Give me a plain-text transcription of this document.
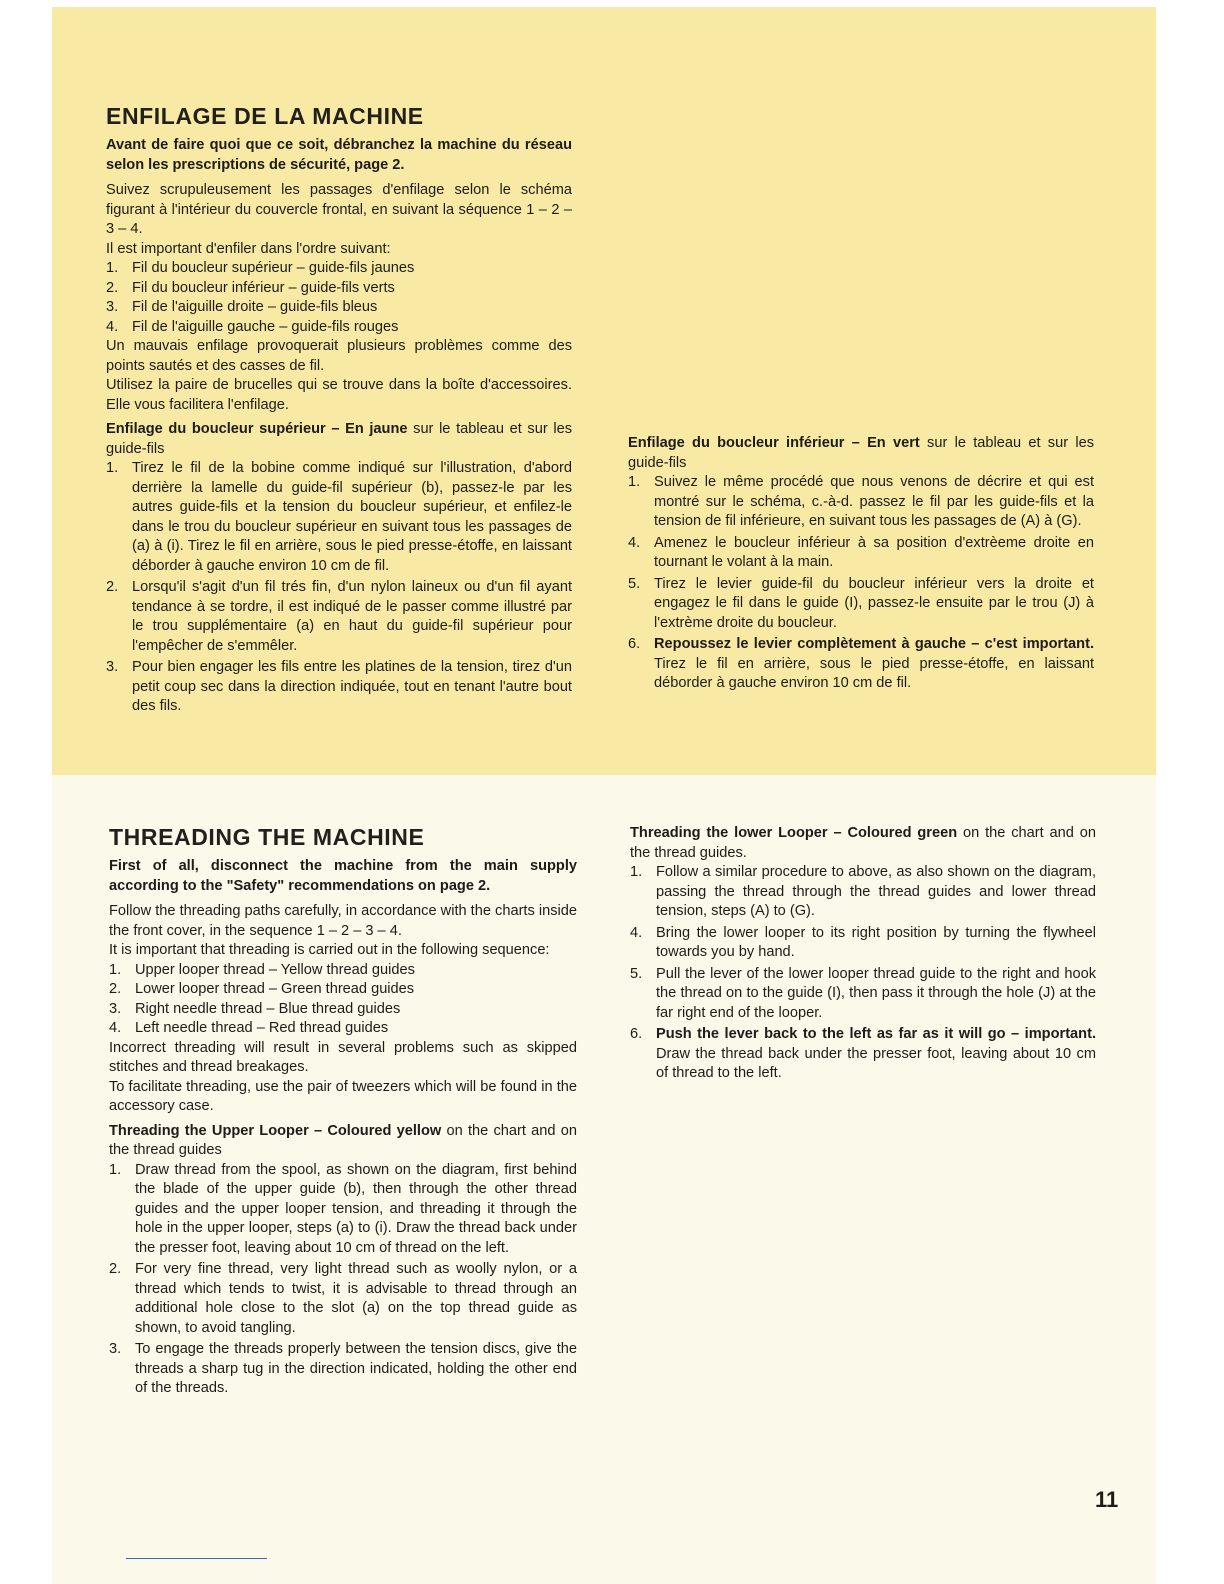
ENFILAGE DE LA MACHINE

Avant de faire quoi que ce soit, débranchez la machine du réseau selon les prescriptions de sécurité, page 2.

Suivez scrupuleusement les passages d'enfilage selon le schéma figurant à l'intérieur du couvercle frontal, en suivant la séquence 1 – 2 – 3 – 4.

Il est important d'enfiler dans l'ordre suivant:

1. Fil du boucleur supérieur – guide-fils jaunes
2. Fil du boucleur inférieur – guide-fils verts
3. Fil de l'aiguille droite – guide-fils bleus
4. Fil de l'aiguille gauche – guide-fils rouges

Un mauvais enfilage provoquerait plusieurs problèmes comme des points sautés et des casses de fil.

Utilisez la paire de brucelles qui se trouve dans la boîte d'accessoires. Elle vous facilitera l'enfilage.

Enfilage du boucleur supérieur – En jaune sur le tableau et sur les guide-fils

1. Tirez le fil de la bobine comme indiqué sur l'illustration, d'abord derrière la lamelle du guide-fil supérieur (b), passez-le par les autres guide-fils et la tension du boucleur supérieur, et enfilez-le dans le trou du boucleur supérieur en suivant tous les passages de (a) à (i). Tirez le fil en arrière, sous le pied presse-étoffe, en laissant déborder à gauche environ 10 cm de fil.
2. Lorsqu'il s'agit d'un fil trés fin, d'un nylon laineux ou d'un fil ayant tendance à se tordre, il est indiqué de le passer comme illustré par le trou supplémentaire (a) en haut du guide-fil supérieur pour l'empêcher de s'emmêler.
3. Pour bien engager les fils entre les platines de la tension, tirez d'un petit coup sec dans la direction indiquée, tout en tenant l'autre bout des fils.

Enfilage du boucleur inférieur – En vert sur le tableau et sur les guide-fils

1. Suivez le même procédé que nous venons de décrire et qui est montré sur le schéma, c.-à-d. passez le fil par les guide-fils et la tension de fil inférieure, en suivant tous les passages de (A) à (G).
4. Amenez le boucleur inférieur à sa position d'extrèeme droite en tournant le volant à la main.
5. Tirez le levier guide-fil du boucleur inférieur vers la droite et engagez le fil dans le guide (I), passez-le ensuite par le trou (J) à l'extrème droite du boucleur.
6. Repoussez le levier complètement à gauche – c'est important. Tirez le fil en arrière, sous le pied presse-étoffe, en laissant déborder à gauche environ 10 cm de fil.
THREADING THE MACHINE

First of all, disconnect the machine from the main supply according to the "Safety" recommendations on page 2.

Follow the threading paths carefully, in accordance with the charts inside the front cover, in the sequence 1 – 2 – 3 – 4.

It is important that threading is carried out in the following sequence:

1. Upper looper thread – Yellow thread guides
2. Lower looper thread – Green thread guides
3. Right needle thread – Blue thread guides
4. Left needle thread – Red thread guides

Incorrect threading will result in several problems such as skipped stitches and thread breakages.

To facilitate threading, use the pair of tweezers which will be found in the accessory case.

Threading the Upper Looper – Coloured yellow on the chart and on the thread guides

1. Draw thread from the spool, as shown on the diagram, first behind the blade of the upper guide (b), then through the other thread guides and the upper looper tension, and threading it through the hole in the upper looper, steps (a) to (i). Draw the thread back under the presser foot, leaving about 10 cm of thread on the left.
2. For very fine thread, very light thread such as woolly nylon, or a thread which tends to twist, it is advisable to thread through an additional hole close to the slot (a) on the top thread guide as shown, to avoid tangling.
3. To engage the threads properly between the tension discs, give the threads a sharp tug in the direction indicated, holding the other end of the threads.

Threading the lower Looper – Coloured green on the chart and on the thread guides.

1. Follow a similar procedure to above, as also shown on the diagram, passing the thread through the thread guides and lower thread tension, steps (A) to (G).
4. Bring the lower looper to its right position by turning the flywheel towards you by hand.
5. Pull the lever of the lower looper thread guide to the right and hook the thread on to the guide (I), then pass it through the hole (J) at the far right end of the looper.
6. Push the lever back to the left as far as it will go – important. Draw the thread back under the presser foot, leaving about 10 cm of thread to the left.
11
